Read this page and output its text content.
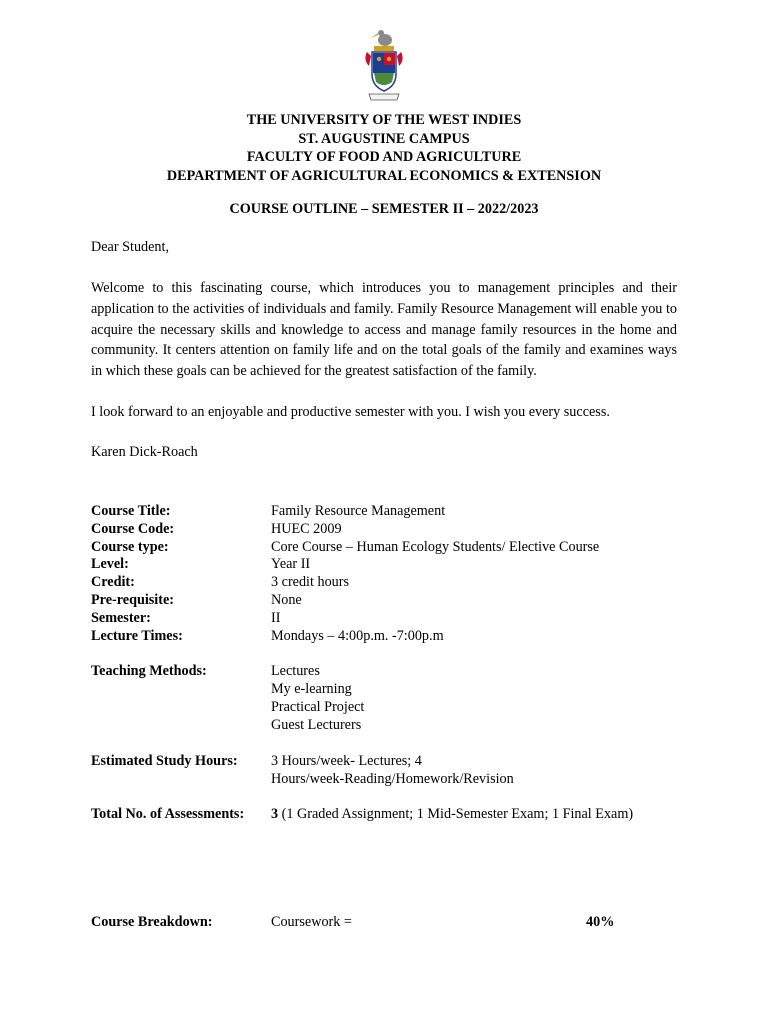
THE UNIVERSITY OF THE WEST INDIES
ST. AUGUSTINE CAMPUS
FACULTY OF FOOD AND AGRICULTURE
DEPARTMENT OF AGRICULTURAL ECONOMICS & EXTENSION
COURSE OUTLINE – SEMESTER II – 2022/2023
Dear Student,
Welcome to this fascinating course, which introduces you to management principles and their application to the activities of individuals and family. Family Resource Management will enable you to acquire the necessary skills and knowledge to access and manage family resources in the home and community. It centers attention on family life and on the total goals of the family and examines ways in which these goals can be achieved for the greatest satisfaction of the family.
I look forward to an enjoyable and productive semester with you. I wish you every success.
Karen Dick-Roach
Course Title:	Family Resource Management
Course Code:	HUEC 2009
Course type:	Core Course – Human Ecology Students/ Elective Course
Level:	Year II
Credit:	3 credit hours
Pre-requisite:	None
Semester:	II
Lecture Times:	Mondays – 4:00p.m. -7:00p.m
Teaching Methods:	Lectures
My e-learning
Practical Project
Guest Lecturers
Estimated Study Hours: 3 Hours/week- Lectures; 4
Hours/week-Reading/Homework/Revision
Total No. of Assessments: 3 (1 Graded Assignment; 1 Mid-Semester Exam; 1 Final Exam)
Course Breakdown:	Coursework =	40%
